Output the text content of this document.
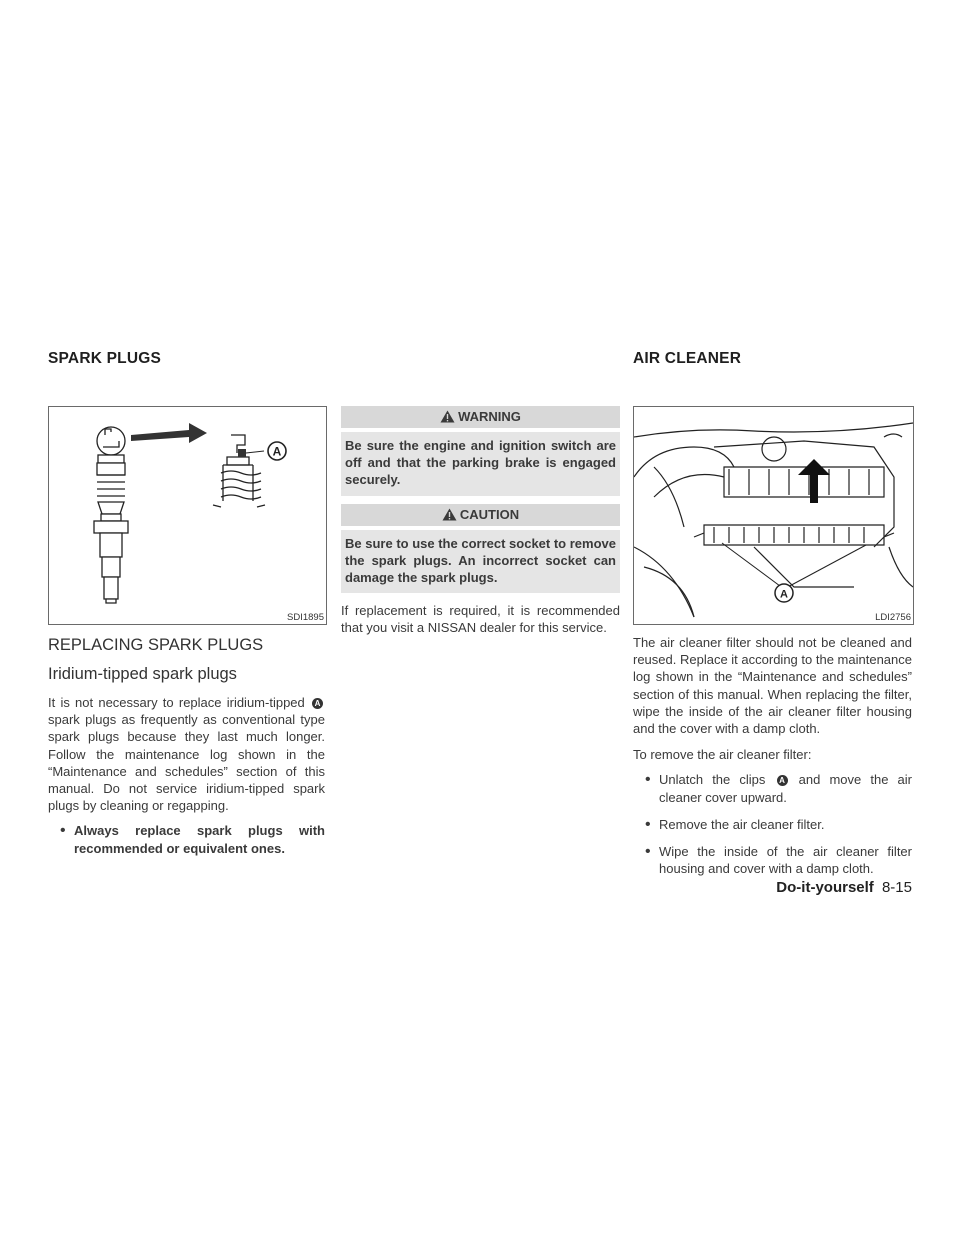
SPARK PLUGS	AIR CLEANER
A
SDI1895
REPLACING SPARK PLUGS
Iridium-tipped spark plugs

It is not necessary to replace iridium-tipped A spark plugs as frequently as conventional type spark plugs because they last much longer. Follow the maintenance log shown in the “Maintenance and schedules” section of this manual. Do not service iridium-tipped spark plugs by cleaning or regapping.

• Always replace spark plugs with recommended or equivalent ones.

WARNING
Be sure the engine and ignition switch are off and that the parking brake is engaged securely.
CAUTION
Be sure to use the correct socket to remove the spark plugs. An incorrect socket can damage the spark plugs.

If replacement is required, it is recommended that you visit a NISSAN dealer for this service.

A
LDI2756

The air cleaner filter should not be cleaned and reused. Replace it according to the maintenance log shown in the “Maintenance and schedules” section of this manual. When replacing the filter, wipe the inside of the air cleaner filter housing and the cover with a damp cloth.

To remove the air cleaner filter:

• Unlatch the clips A and move the air cleaner cover upward.

• Remove the air cleaner filter.

• Wipe the inside of the air cleaner filter housing and cover with a damp cloth.

Do-it-yourself 8-15
